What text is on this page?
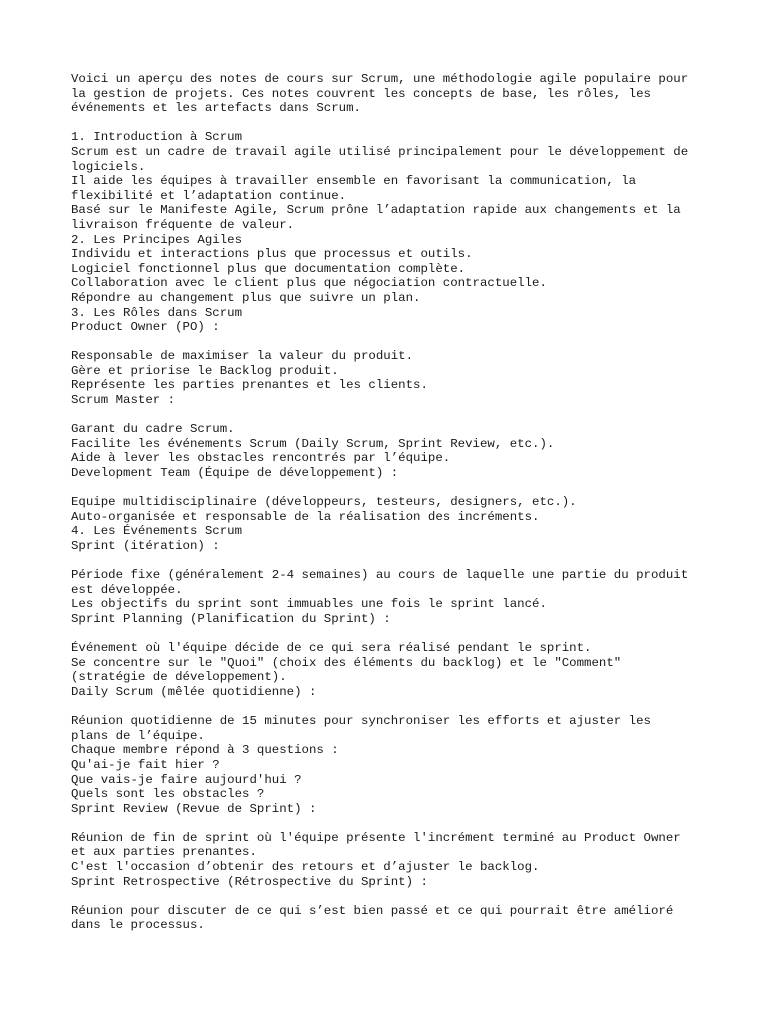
Voici un aperçu des notes de cours sur Scrum, une méthodologie agile populaire pour
la gestion de projets. Ces notes couvrent les concepts de base, les rôles, les
événements et les artefacts dans Scrum.
1. Introduction à Scrum
Scrum est un cadre de travail agile utilisé principalement pour le développement de
logiciels.
Il aide les équipes à travailler ensemble en favorisant la communication, la
flexibilité et l’adaptation continue.
Basé sur le Manifeste Agile, Scrum prône l’adaptation rapide aux changements et la
livraison fréquente de valeur.
2. Les Principes Agiles
Individu et interactions plus que processus et outils.
Logiciel fonctionnel plus que documentation complète.
Collaboration avec le client plus que négociation contractuelle.
Répondre au changement plus que suivre un plan.
3. Les Rôles dans Scrum
Product Owner (PO) :
Responsable de maximiser la valeur du produit.
Gère et priorise le Backlog produit.
Représente les parties prenantes et les clients.
Scrum Master :
Garant du cadre Scrum.
Facilite les événements Scrum (Daily Scrum, Sprint Review, etc.).
Aide à lever les obstacles rencontrés par l’équipe.
Development Team (Équipe de développement) :
Equipe multidisciplinaire (développeurs, testeurs, designers, etc.).
Auto-organisée et responsable de la réalisation des incréments.
4. Les Événements Scrum
Sprint (itération) :
Période fixe (généralement 2-4 semaines) au cours de laquelle une partie du produit
est développée.
Les objectifs du sprint sont immuables une fois le sprint lancé.
Sprint Planning (Planification du Sprint) :
Événement où l'équipe décide de ce qui sera réalisé pendant le sprint.
Se concentre sur le "Quoi" (choix des éléments du backlog) et le "Comment"
(stratégie de développement).
Daily Scrum (mêlée quotidienne) :
Réunion quotidienne de 15 minutes pour synchroniser les efforts et ajuster les
plans de l’équipe.
Chaque membre répond à 3 questions :
Qu'ai-je fait hier ?
Que vais-je faire aujourd'hui ?
Quels sont les obstacles ?
Sprint Review (Revue de Sprint) :
Réunion de fin de sprint où l'équipe présente l'incrément terminé au Product Owner
et aux parties prenantes.
C'est l'occasion d’obtenir des retours et d’ajuster le backlog.
Sprint Retrospective (Rétrospective du Sprint) :
Réunion pour discuter de ce qui s’est bien passé et ce qui pourrait être amélioré
dans le processus.
